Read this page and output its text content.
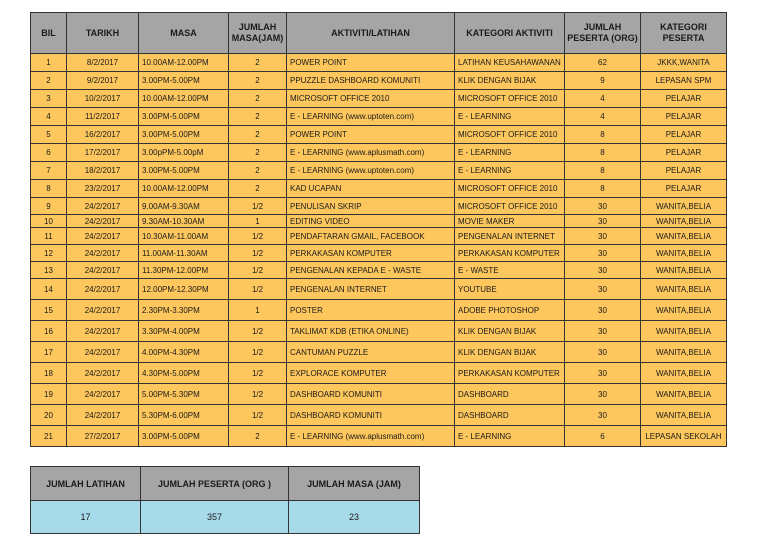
BIL	TARIKH	MASA	JUMLAH MASA(JAM)	AKTIVITI/LATIHAN	KATEGORI AKTIVITI	JUMLAH PESERTA (ORG)	KATEGORI PESERTA
1	8/2/2017	10.00AM-12.00PM	2	POWER POINT	LATIHAN KEUSAHAWANAN	62	JKKK,WANITA
2	9/2/2017	3.00PM-5.00PM	2	PPUZZLE DASHBOARD KOMUNITI	KLIK DENGAN BIJAK	9	LEPASAN SPM
3	10/2/2017	10.00AM-12.00PM	2	MICROSOFT OFFICE 2010	MICROSOFT OFFICE 2010	4	PELAJAR
4	11/2/2017	3.00PM-5.00PM	2	E - LEARNING (www.uptoten.com)	E - LEARNING	4	PELAJAR
5	16/2/2017	3.00PM-5.00PM	2	POWER POINT	MICROSOFT OFFICE 2010	8	PELAJAR
6	17/2/2017	3.00pPM-5.00pM	2	E - LEARNING (www.aplusmath.com)	E - LEARNING	8	PELAJAR
7	18/2/2017	3.00PM-5.00PM	2	E - LEARNING (www.uptoten.com)	E - LEARNING	8	PELAJAR
8	23/2/2017	10.00AM-12.00PM	2	KAD UCAPAN	MICROSOFT OFFICE 2010	8	PELAJAR
9	24/2/2017	9.00AM-9.30AM	1/2	PENULISAN SKRIP	MICROSOFT OFFICE 2010	30	WANITA,BELIA
10	24/2/2017	9.30AM-10.30AM	1	EDITING VIDEO	MOVIE MAKER	30	WANITA,BELIA
11	24/2/2017	10.30AM-11.00AM	1/2	PENDAFTARAN GMAIL, FACEBOOK	PENGENALAN INTERNET	30	WANITA,BELIA
12	24/2/2017	11.00AM-11.30AM	1/2	PERKAKASAN KOMPUTER	PERKAKASAN KOMPUTER	30	WANITA,BELIA
13	24/2/2017	11.30PM-12.00PM	1/2	PENGENALAN KEPADA E - WASTE	E - WASTE	30	WANITA,BELIA
14	24/2/2017	12.00PM-12.30PM	1/2	PENGENALAN INTERNET	YOUTUBE	30	WANITA,BELIA
15	24/2/2017	2.30PM-3.30PM	1	POSTER	ADOBE PHOTOSHOP	30	WANITA,BELIA
16	24/2/2017	3.30PM-4.00PM	1/2	TAKLIMAT KDB (ETIKA ONLINE)	KLIK DENGAN BIJAK	30	WANITA,BELIA
17	24/2/2017	4.00PM-4.30PM	1/2	CANTUMAN PUZZLE	KLIK DENGAN BIJAK	30	WANITA,BELIA
18	24/2/2017	4.30PM-5.00PM	1/2	EXPLORACE KOMPUTER	PERKAKASAN KOMPUTER	30	WANITA,BELIA
19	24/2/2017	5.00PM-5.30PM	1/2	DASHBOARD KOMUNITI	DASHBOARD	30	WANITA,BELIA
20	24/2/2017	5.30PM-6.00PM	1/2	DASHBOARD KOMUNITI	DASHBOARD	30	WANITA,BELIA
21	27/2/2017	3.00PM-5.00PM	2	E - LEARNING (www.aplusmath.com)	E - LEARNING	6	LEPASAN SEKOLAH
JUMLAH LATIHAN	JUMLAH PESERTA (ORG )	JUMLAH MASA (JAM)
17	357	23
